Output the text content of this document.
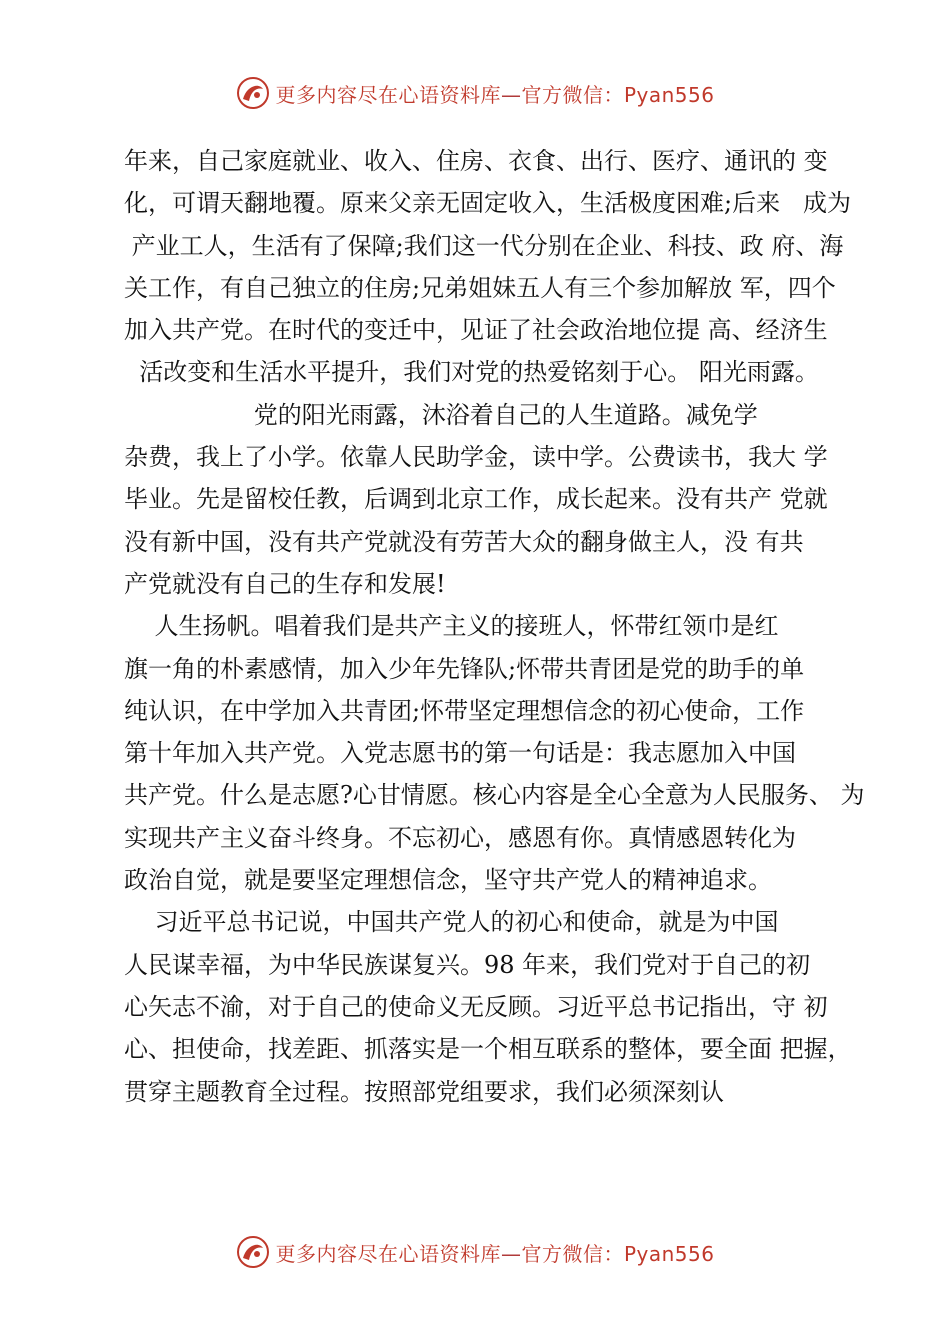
更多内容尽在心语资料库—官方微信：Pyan556
年来，自己家庭就业、收入、住房、衣食、出行、医疗、通讯的 变
化，可谓天翻地覆。原来父亲无固定收入，生活极度困难;后来   成为
产业工人，生活有了保障;我们这一代分别在企业、科技、政 府、海
关工作，有自己独立的住房;兄弟姐妹五人有三个参加解放 军，四个
加入共产党。在时代的变迁中，见证了社会政治地位提 高、经济生
活改变和生活水平提升，我们对党的热爱铭刻于心。 阳光雨露。
党的阳光雨露，沐浴着自己的人生道路。减免学
杂费，我上了小学。依靠人民助学金，读中学。公费读书，我大 学
毕业。先是留校任教，后调到北京工作，成长起来。没有共产 党就
没有新中国，没有共产党就没有劳苦大众的翻身做主人，没 有共
产党就没有自己的生存和发展!
人生扬帆。唱着我们是共产主义的接班人，怀带红领巾是红
旗一角的朴素感情，加入少年先锋队;怀带共青团是党的助手的单
纯认识，在中学加入共青团;怀带坚定理想信念的初心使命，工作
第十年加入共产党。入党志愿书的第一句话是：我志愿加入中国
共产党。什么是志愿?心甘情愿。核心内容是全心全意为人民服务、 为
实现共产主义奋斗终身。不忘初心，感恩有你。真情感恩转化为
政治自觉，就是要坚定理想信念，坚守共产党人的精神追求。
习近平总书记说，中国共产党人的初心和使命，就是为中国
人民谋幸福，为中华民族谋复兴。98 年来，我们党对于自己的初
心矢志不渝，对于自己的使命义无反顾。习近平总书记指出，守 初
心、担使命，找差距、抓落实是一个相互联系的整体，要全面 把握，
贯穿主题教育全过程。按照部党组要求，我们必须深刻认
更多内容尽在心语资料库—官方微信：Pyan556
